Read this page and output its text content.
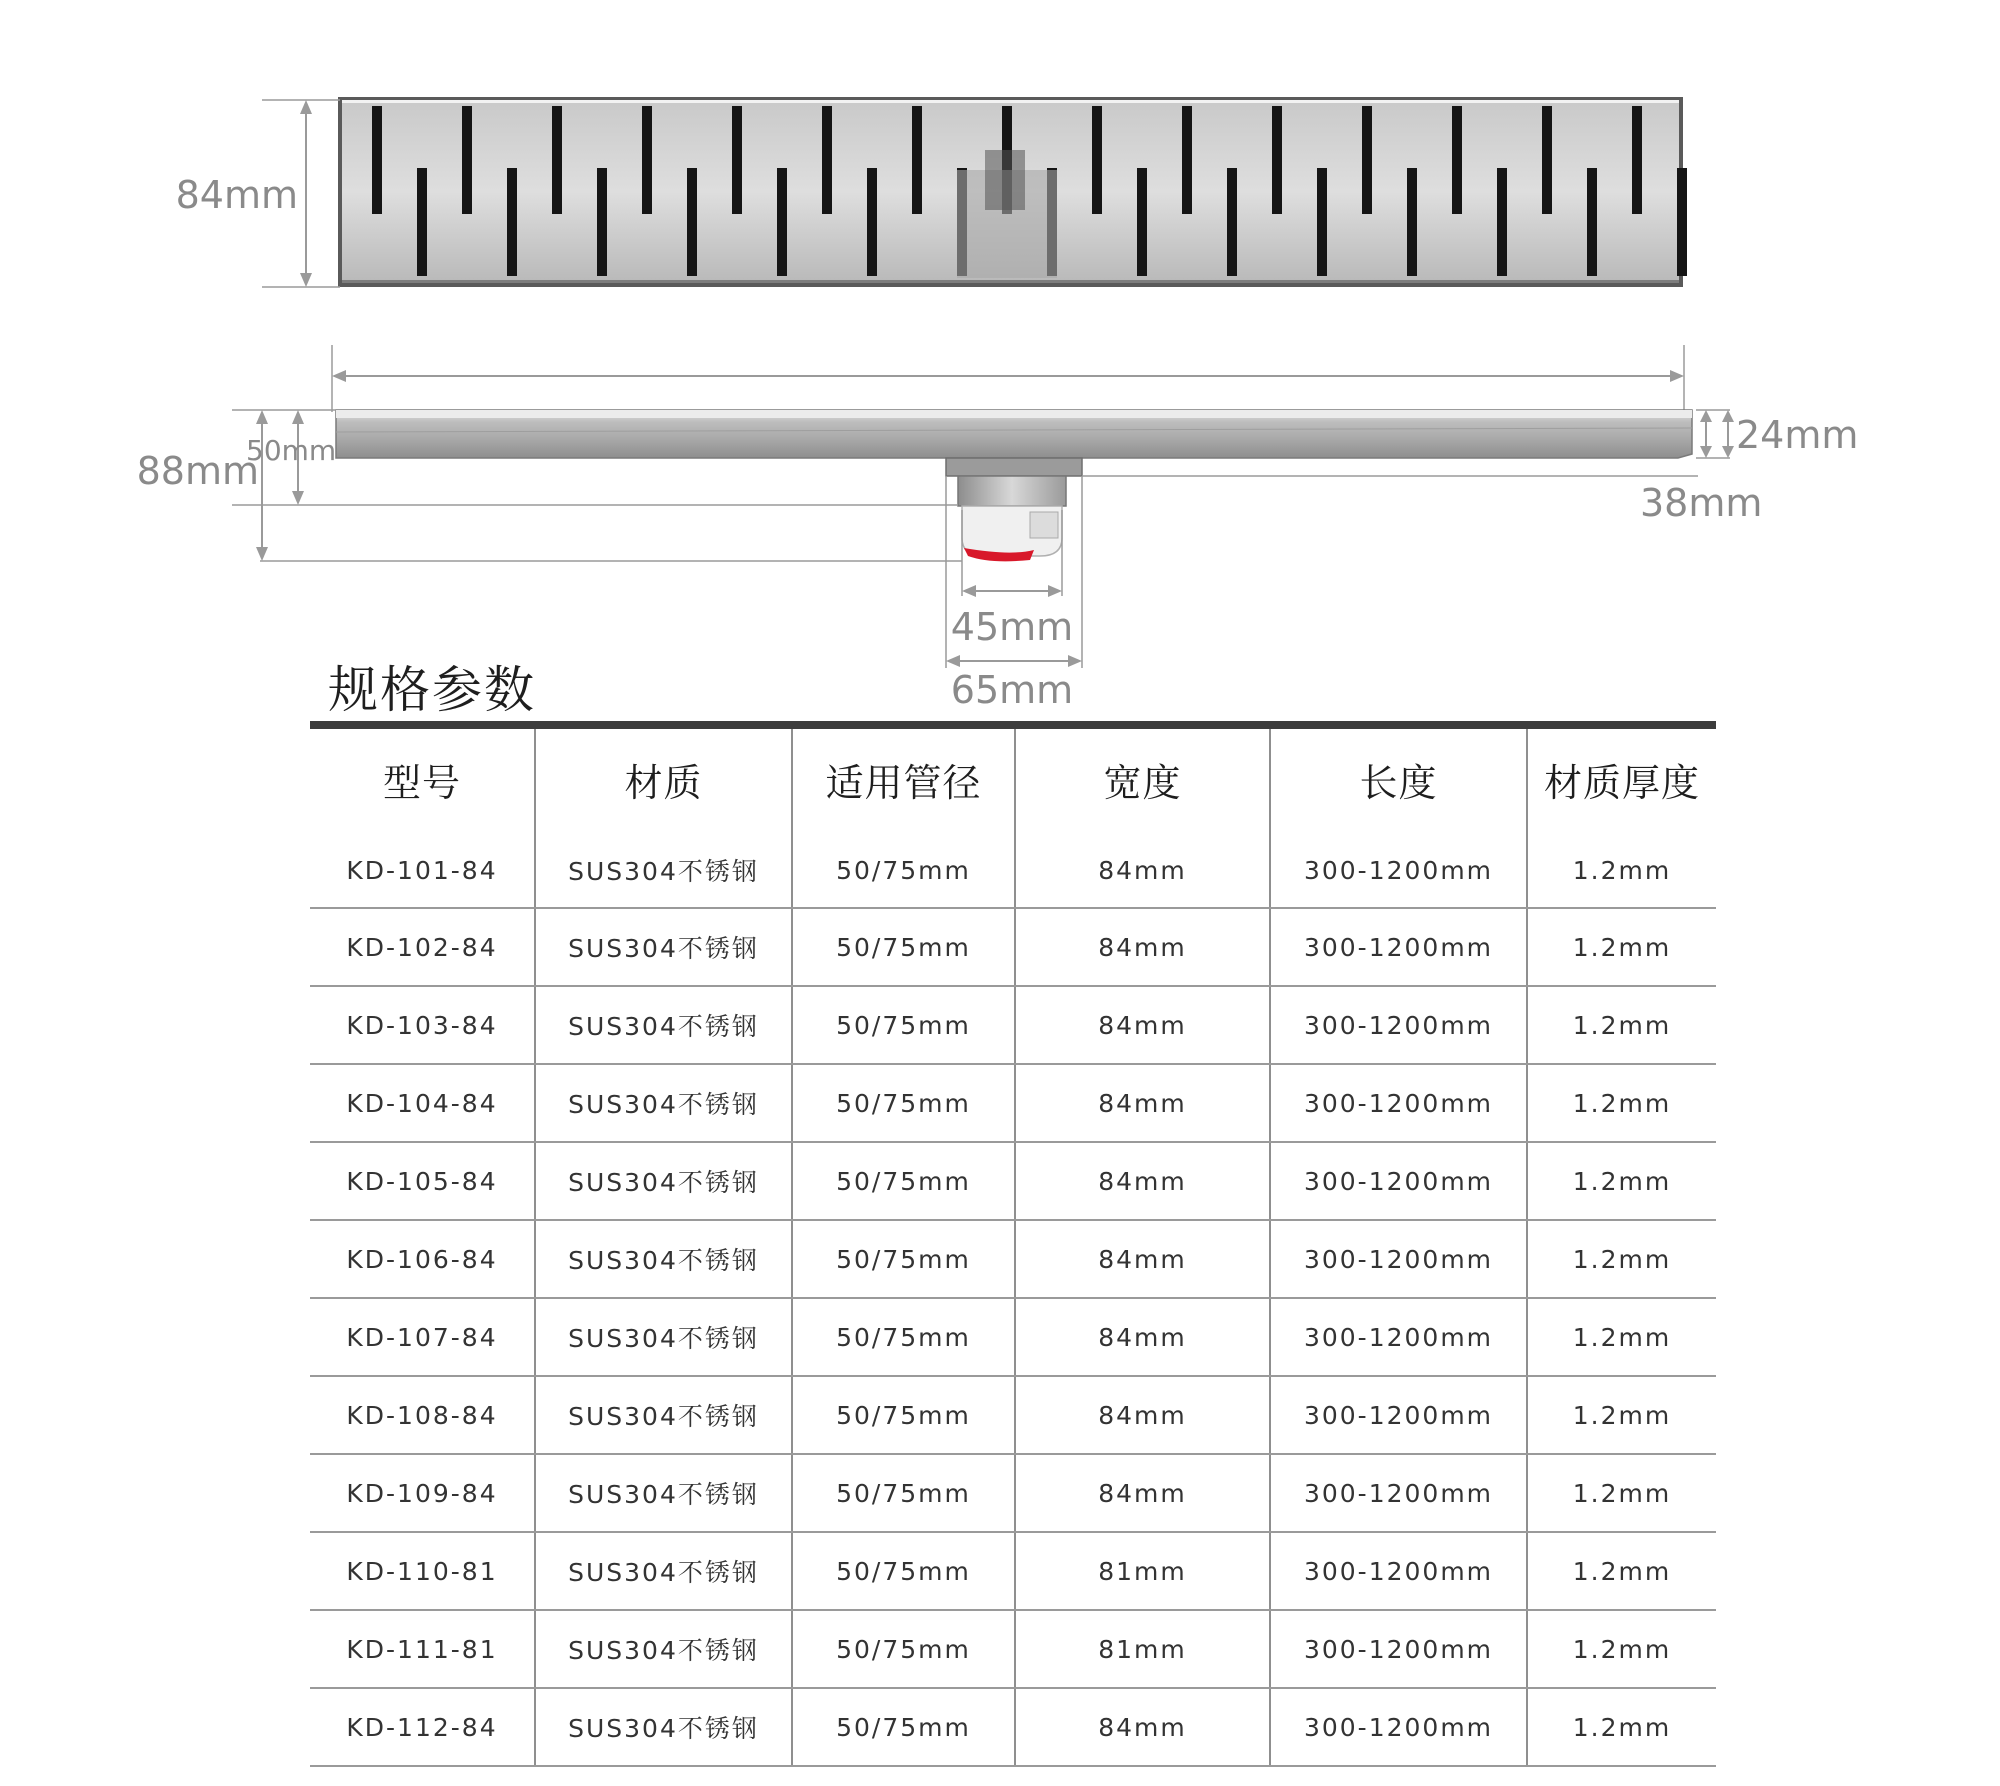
84mm
88mm
50mm	24mm
38mm
45mm
65mm
规格参数
型号	材质	适用管径	宽度	长度	材质厚度
KD-101-84	SUS304不锈钢	50/75mm	84mm	300-1200mm	1.2mm
KD-102-84	SUS304不锈钢	50/75mm	84mm	300-1200mm	1.2mm
KD-103-84	SUS304不锈钢	50/75mm	84mm	300-1200mm	1.2mm
KD-104-84	SUS304不锈钢	50/75mm	84mm	300-1200mm	1.2mm
KD-105-84	SUS304不锈钢	50/75mm	84mm	300-1200mm	1.2mm
KD-106-84	SUS304不锈钢	50/75mm	84mm	300-1200mm	1.2mm
KD-107-84	SUS304不锈钢	50/75mm	84mm	300-1200mm	1.2mm
KD-108-84	SUS304不锈钢	50/75mm	84mm	300-1200mm	1.2mm
KD-109-84	SUS304不锈钢	50/75mm	84mm	300-1200mm	1.2mm
KD-110-81	SUS304不锈钢	50/75mm	81mm	300-1200mm	1.2mm
KD-111-81	SUS304不锈钢	50/75mm	81mm	300-1200mm	1.2mm
KD-112-84	SUS304不锈钢	50/75mm	84mm	300-1200mm	1.2mm
